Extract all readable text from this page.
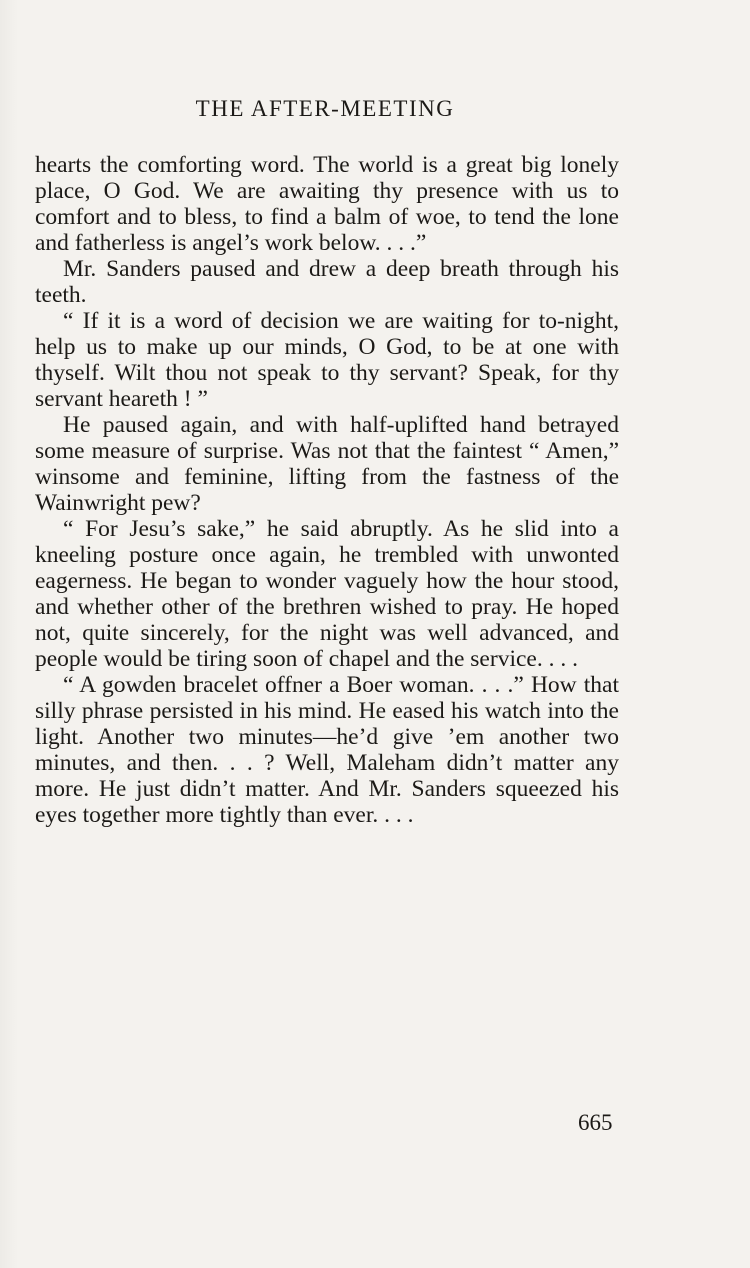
THE AFTER-MEETING

hearts the comforting word. The world is a great big lonely place, O God. We are awaiting thy presence with us to comfort and to bless, to find a balm of woe, to tend the lone and fatherless is angel’s work below. . . .”

Mr. Sanders paused and drew a deep breath through his teeth.

“ If it is a word of decision we are waiting for to-night, help us to make up our minds, O God, to be at one with thyself. Wilt thou not speak to thy servant? Speak, for thy servant heareth ! ”

He paused again, and with half-uplifted hand betrayed some measure of surprise. Was not that the faintest “ Amen,” winsome and feminine, lifting from the fastness of the Wainwright pew?

“ For Jesu’s sake,” he said abruptly. As he slid into a kneeling posture once again, he trembled with unwonted eagerness. He began to wonder vaguely how the hour stood, and whether other of the brethren wished to pray. He hoped not, quite sincerely, for the night was well advanced, and people would be tiring soon of chapel and the service. . . .

“ A gowden bracelet offner a Boer woman. . . .” How that silly phrase persisted in his mind. He eased his watch into the light. Another two minutes—he’d give ’em another two minutes, and then. . . ? Well, Maleham didn’t matter any more. He just didn’t matter. And Mr. Sanders squeezed his eyes together more tightly than ever. . . .

665
